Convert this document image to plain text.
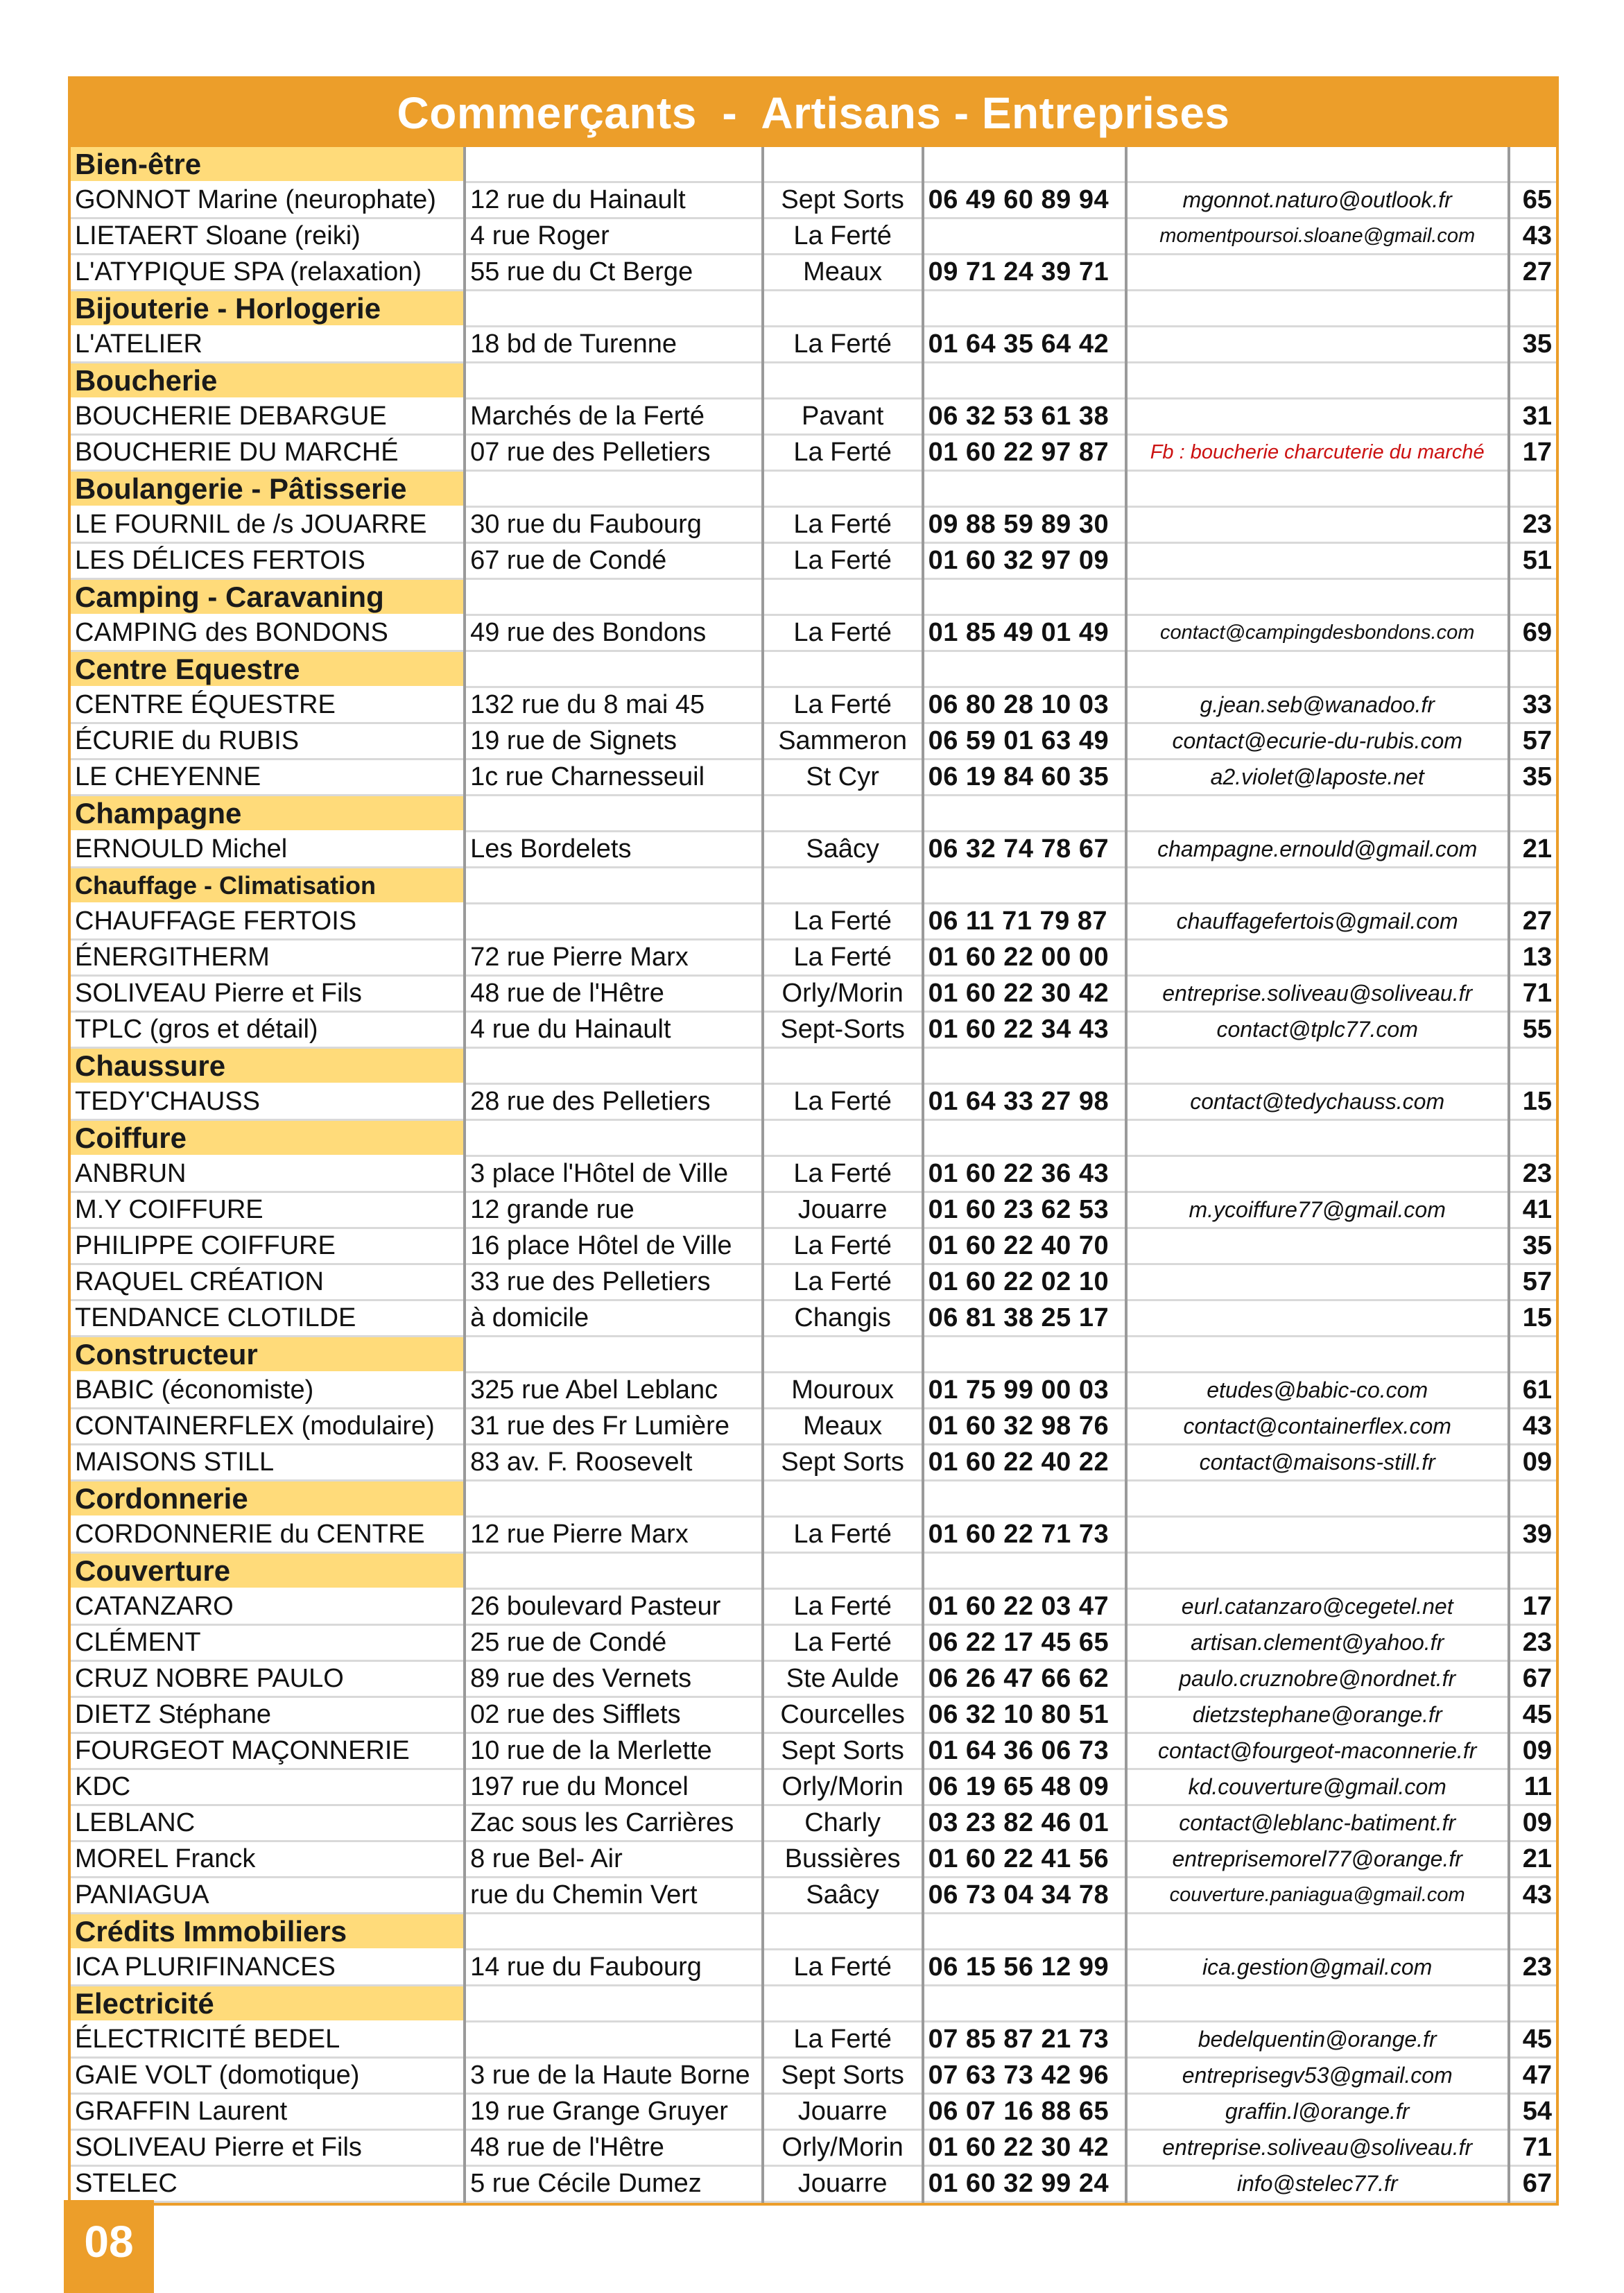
Commerçants  -  Artisans - Entreprises
Bien-être					
GONNOT Marine (neurophate)	12 rue du Hainault	Sept Sorts	06 49 60 89 94	mgonnot.naturo@outlook.fr	65
LIETAERT Sloane (reiki)	4 rue Roger	La Ferté		momentpoursoi.sloane@gmail.com	43
L'ATYPIQUE SPA (relaxation)	55 rue du Ct Berge	Meaux	09 71 24 39 71		27
Bijouterie - Horlogerie					
L'ATELIER	18 bd de Turenne	La Ferté	01 64 35 64 42		35
Boucherie					
BOUCHERIE DEBARGUE	Marchés de la Ferté	Pavant	06 32 53 61 38		31
BOUCHERIE DU MARCHÉ	07 rue des Pelletiers	La Ferté	01 60 22 97 87	Fb : boucherie charcuterie du marché	17
Boulangerie - Pâtisserie					
LE FOURNIL de /s JOUARRE	30 rue du Faubourg	La Ferté	09 88 59 89 30		23
LES DÉLICES FERTOIS	67 rue de Condé	La Ferté	01 60 32 97 09		51
Camping - Caravaning					
CAMPING des BONDONS	49 rue des Bondons	La Ferté	01 85 49 01 49	contact@campingdesbondons.com	69
Centre Equestre					
CENTRE ÉQUESTRE	132 rue du 8 mai 45	La Ferté	06 80 28 10 03	g.jean.seb@wanadoo.fr	33
ÉCURIE du RUBIS	19 rue de Signets	Sammeron	06 59 01 63 49	contact@ecurie-du-rubis.com	57
LE CHEYENNE	1c rue Charnesseuil	St Cyr	06 19 84 60 35	a2.violet@laposte.net	35
Champagne					
ERNOULD Michel	Les Bordelets	Saâcy	06 32 74 78 67	champagne.ernould@gmail.com	21
Chauffage - Climatisation					
CHAUFFAGE FERTOIS		La Ferté	06 11 71 79 87	chauffagefertois@gmail.com	27
ÉNERGITHERM	72 rue Pierre Marx	La Ferté	01 60 22 00 00		13
SOLIVEAU Pierre et Fils	48 rue de l'Hêtre	Orly/Morin	01 60 22 30 42	entreprise.soliveau@soliveau.fr	71
TPLC (gros et détail)	4 rue du Hainault	Sept-Sorts	01 60 22 34 43	contact@tplc77.com	55
Chaussure					
TEDY'CHAUSS	28 rue des Pelletiers	La Ferté	01 64 33 27 98	contact@tedychauss.com	15
Coiffure					
ANBRUN	3 place l'Hôtel de Ville	La Ferté	01 60 22 36 43		23
M.Y COIFFURE	12 grande rue	Jouarre	01 60 23 62 53	m.ycoiffure77@gmail.com	41
PHILIPPE COIFFURE	16 place Hôtel de Ville	La Ferté	01 60 22 40 70		35
RAQUEL CRÉATION	33 rue des Pelletiers	La Ferté	01 60 22 02 10		57
TENDANCE CLOTILDE	à domicile	Changis	06 81 38 25 17		15
Constructeur					
BABIC (économiste)	325 rue Abel Leblanc	Mouroux	01 75 99 00 03	etudes@babic-co.com	61
CONTAINERFLEX (modulaire)	31 rue des Fr Lumière	Meaux	01 60 32 98 76	contact@containerflex.com	43
MAISONS STILL	83 av. F. Roosevelt	Sept Sorts	01 60 22 40 22	contact@maisons-still.fr	09
Cordonnerie					
CORDONNERIE du CENTRE	12 rue Pierre Marx	La Ferté	01 60 22 71 73		39
Couverture					
CATANZARO	26 boulevard Pasteur	La Ferté	01 60 22 03 47	eurl.catanzaro@cegetel.net	17
CLÉMENT	25 rue de Condé	La Ferté	06 22 17 45 65	artisan.clement@yahoo.fr	23
CRUZ NOBRE PAULO	89 rue des Vernets	Ste Aulde	06 26 47 66 62	paulo.cruznobre@nordnet.fr	67
DIETZ Stéphane	02 rue des Sifflets	Courcelles	06 32 10 80 51	dietzstephane@orange.fr	45
FOURGEOT MAÇONNERIE	10 rue de la Merlette	Sept Sorts	01 64 36 06 73	contact@fourgeot-maconnerie.fr	09
KDC	197 rue du Moncel	Orly/Morin	06 19 65 48 09	kd.couverture@gmail.com	11
LEBLANC	Zac sous les Carrières	Charly	03 23 82 46 01	contact@leblanc-batiment.fr	09
MOREL Franck	8 rue Bel- Air	Bussières	01 60 22 41 56	entreprisemorel77@orange.fr	21
PANIAGUA	rue du Chemin Vert	Saâcy	06 73 04 34 78	couverture.paniagua@gmail.com	43
Crédits Immobiliers					
ICA PLURIFINANCES	14 rue du Faubourg	La Ferté	06 15 56 12 99	ica.gestion@gmail.com	23
Electricité					
ÉLECTRICITÉ BEDEL		La Ferté	07 85 87 21 73	bedelquentin@orange.fr	45
GAIE VOLT (domotique)	3 rue de la Haute Borne	Sept Sorts	07 63 73 42 96	entreprisegv53@gmail.com	47
GRAFFIN Laurent	19 rue Grange Gruyer	Jouarre	06 07 16 88 65	graffin.l@orange.fr	54
SOLIVEAU Pierre et Fils	48 rue de l'Hêtre	Orly/Morin	01 60 22 30 42	entreprise.soliveau@soliveau.fr	71
STELEC	5 rue Cécile Dumez	Jouarre	01 60 32 99 24	info@stelec77.fr	67
08
